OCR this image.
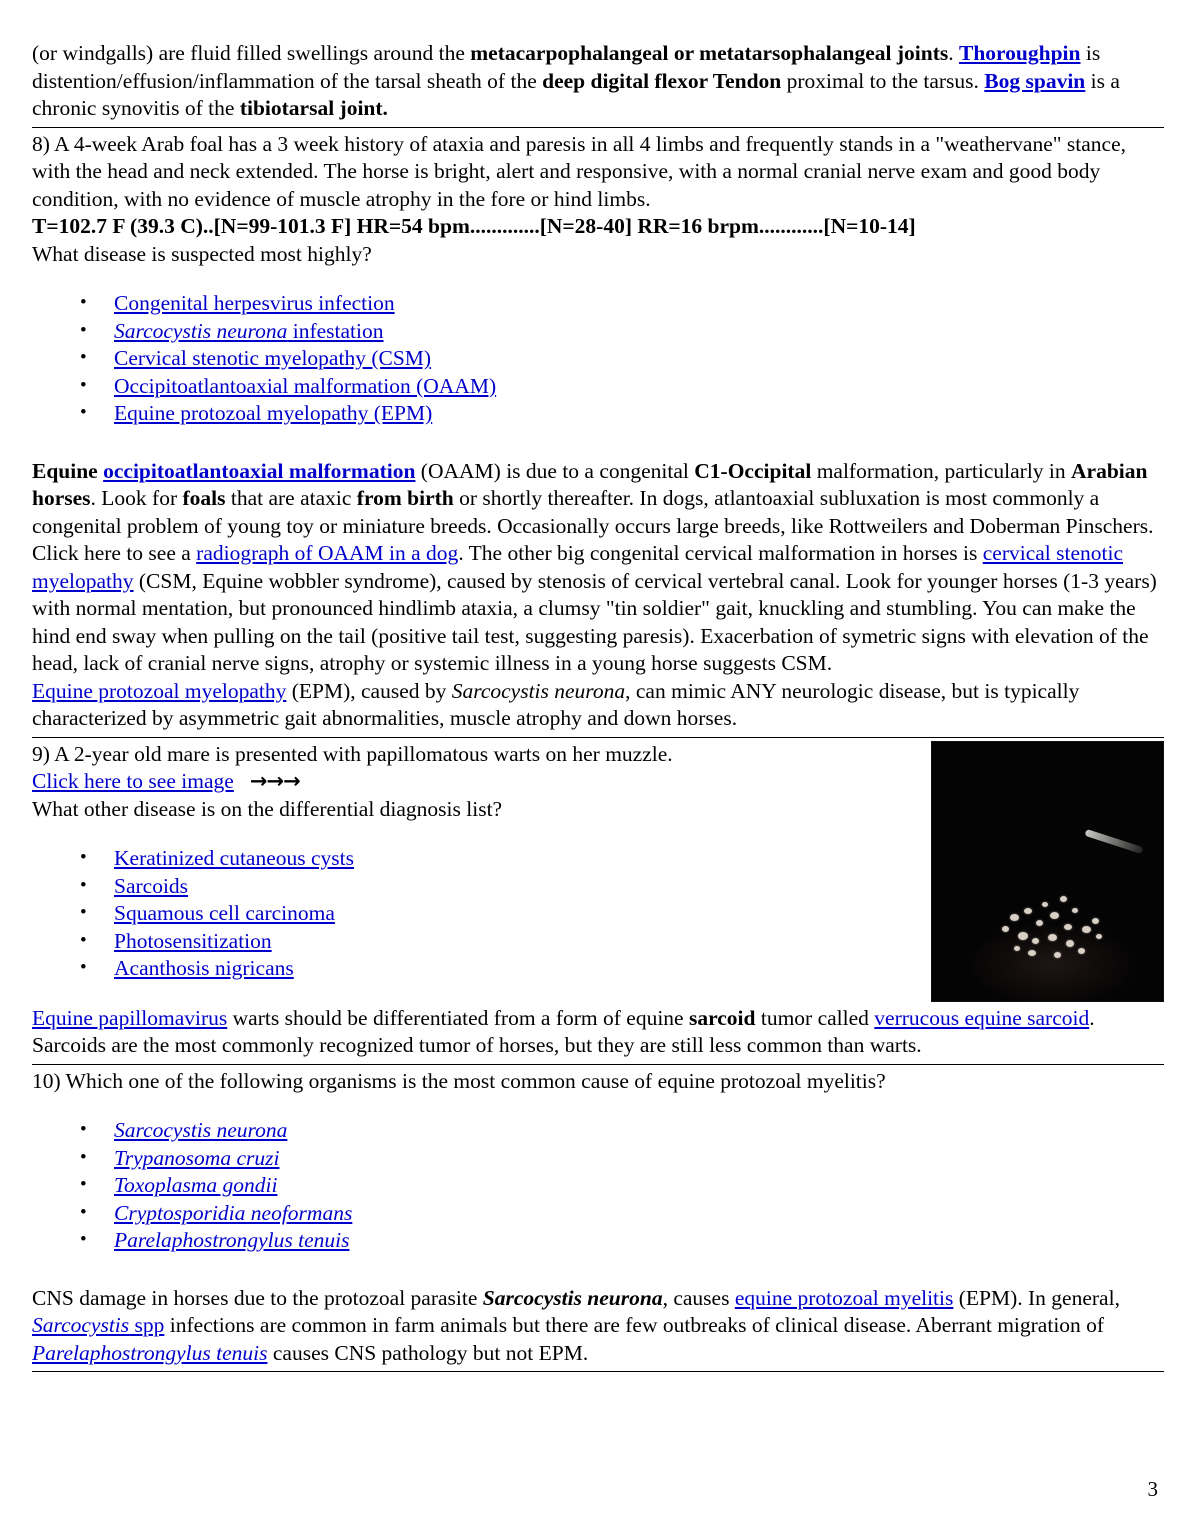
(or windgalls) are fluid filled swellings around the metacarpophalangeal or metatarsophalangeal joints. Thoroughpin is distention/effusion/inflammation of the tarsal sheath of the deep digital flexor Tendon proximal to the tarsus. Bog spavin is a chronic synovitis of the tibiotarsal joint.

8) A 4-week Arab foal has a 3 week history of ataxia and paresis in all 4 limbs and frequently stands in a "weathervane" stance, with the head and neck extended. The horse is bright, alert and responsive, with a normal cranial nerve exam and good body condition, with no evidence of muscle atrophy in the fore or hind limbs.

T=102.7 F (39.3 C)..[N=99-101.3 F] HR=54 bpm.............[N=28-40] RR=16 brpm............[N=10-14]

What disease is suspected most highly?

• Congenital herpesvirus infection
• Sarcocystis neurona infestation
• Cervical stenotic myelopathy (CSM)
• Occipitoatlantoaxial malformation (OAAM)
• Equine protozoal myelopathy (EPM)

Equine occipitoatlantoaxial malformation (OAAM) is due to a congenital C1-Occipital malformation, particularly in Arabian horses. Look for foals that are ataxic from birth or shortly thereafter. In dogs, atlantoaxial subluxation is most commonly a congenital problem of young toy or miniature breeds. Occasionally occurs large breeds, like Rottweilers and Doberman Pinschers. Click here to see a radiograph of OAAM in a dog. The other big congenital cervical malformation in horses is cervical stenotic myelopathy (CSM, Equine wobbler syndrome), caused by stenosis of cervical vertebral canal. Look for younger horses (1-3 years) with normal mentation, but pronounced hindlimb ataxia, a clumsy "tin soldier" gait, knuckling and stumbling. You can make the hind end sway when pulling on the tail (positive tail test, suggesting paresis). Exacerbation of symetric signs with elevation of the head, lack of cranial nerve signs, atrophy or systemic illness in a young horse suggests CSM.

Equine protozoal myelopathy (EPM), caused by Sarcocystis neurona, can mimic ANY neurologic disease, but is typically characterized by asymmetric gait abnormalities, muscle atrophy and down horses.

9) A 2-year old mare is presented with papillomatous warts on her muzzle.

Click here to see image →→→

What other disease is on the differential diagnosis list?

• Keratinized cutaneous cysts
• Sarcoids
• Squamous cell carcinoma
• Photosensitization
• Acanthosis nigricans

Equine papillomavirus warts should be differentiated from a form of equine sarcoid tumor called verrucous equine sarcoid. Sarcoids are the most commonly recognized tumor of horses, but they are still less common than warts.

10) Which one of the following organisms is the most common cause of equine protozoal myelitis?

• Sarcocystis neurona
• Trypanosoma cruzi
• Toxoplasma gondii
• Cryptosporidia neoformans
• Parelaphostrongylus tenuis

CNS damage in horses due to the protozoal parasite Sarcocystis neurona, causes equine protozoal myelitis (EPM). In general, Sarcocystis spp infections are common in farm animals but there are few outbreaks of clinical disease. Aberrant migration of Parelaphostrongylus tenuis causes CNS pathology but not EPM.

3
